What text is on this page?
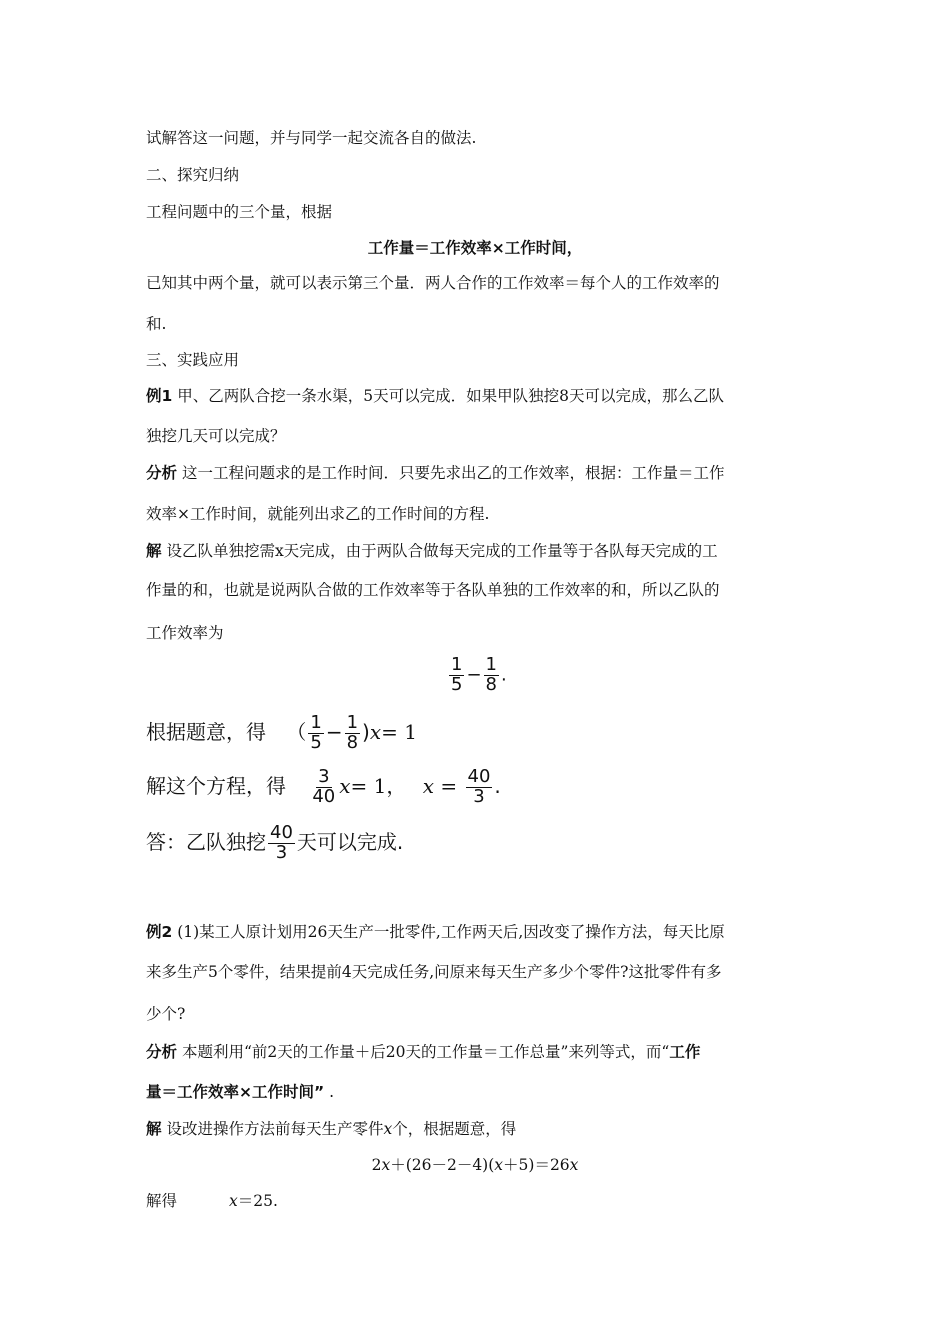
试解答这一问题，并与同学一起交流各自的做法.
二、探究归纳
工程问题中的三个量，根据
工作量＝工作效率×工作时间，
已知其中两个量，就可以表示第三个量．两人合作的工作效率＝每个人的工作效率的
和.
三、实践应用
例1 甲、乙两队合挖一条水渠，5天可以完成．如果甲队独挖8天可以完成，那么乙队
独挖几天可以完成？
分析 这一工程问题求的是工作时间．只要先求出乙的工作效率，根据：工作量＝工作
效率×工作时间，就能列出求乙的工作时间的方程.
解 设乙队单独挖需x天完成，由于两队合做每天完成的工作量等于各队每天完成的工
作量的和，也就是说两队合做的工作效率等于各队单独的工作效率的和，所以乙队的
工作效率为
$\frac{1}{5} - \frac{1}{8}$ .
根据题意，得 （ $\frac{1}{5} - \frac{1}{8} )x= 1$
解这个方程，得 $\frac{3}{40} x= 1$， $x = \frac{40}{3}$ .
答：乙队独挖 $\frac{40}{3}$ 天可以完成.
例2 (1)某工人原计划用26天生产一批零件,工作两天后,因改变了操作方法，每天比原
来多生产5个零件，结果提前4天完成任务,问原来每天生产多少个零件?这批零件有多
少个?
分析 本题利用“前2天的工作量＋后20天的工作量＝工作总量”来列等式，而“工作
量＝工作效率×工作时间” .
解 设改进操作方法前每天生产零件x个，根据题意，得
2x＋(26－2－4)(x＋5)＝26x
解得	x＝25.
